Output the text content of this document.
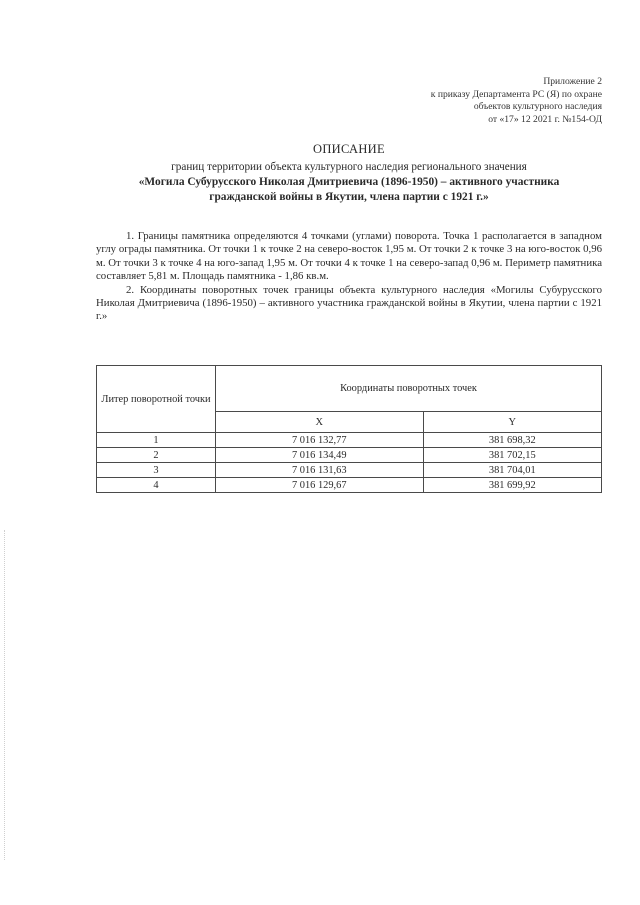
Приложение 2
к приказу Департамента РС (Я) по охране
объектов культурного наследия
от «17» 12 2021 г. №154-ОД
ОПИСАНИЕ
границ территории объекта культурного наследия регионального значения
«Могила Субурусского Николая Дмитриевича (1896-1950) – активного участника
гражданской войны в Якутии, члена партии с 1921 г.»

1. Границы памятника определяются 4 точками (углами) поворота. Точка 1 располагается в западном углу ограды памятника. От точки 1 к точке 2 на северо-восток 1,95 м. От точки 2 к точке 3 на юго-восток 0,96 м. От точки 3 к точке 4 на юго-запад 1,95 м. От точки 4 к точке 1 на северо-запад 0,96 м. Периметр памятника составляет 5,81 м. Площадь памятника - 1,86 кв.м.

2. Координаты поворотных точек границы объекта культурного наследия «Могилы Субурусского Николая Дмитриевича (1896-1950) – активного участника гражданской войны в Якутии, члена партии с 1921 г.»

Литер поворотной точки	Координаты поворотных точек	
	X	Y
1	7 016 132,77	381 698,32
2	7 016 134,49	381 702,15
3	7 016 131,63	381 704,01
4	7 016 129,67	381 699,92
